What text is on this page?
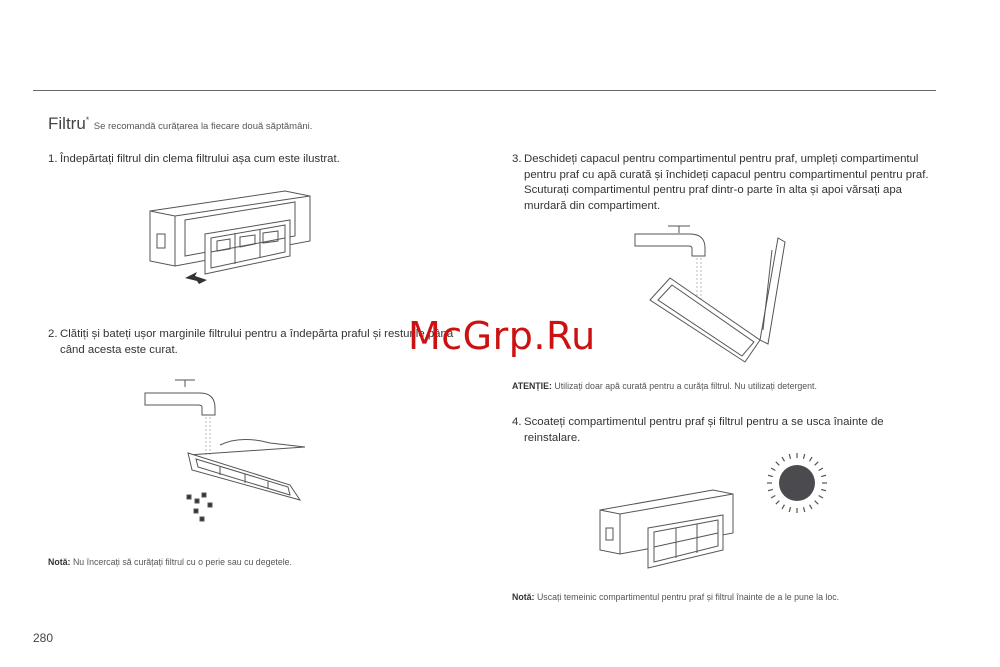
Filtru* Se recomandă curățarea la fiecare două săptămâni.
1. Îndepărtați filtrul din clema filtrului așa cum este ilustrat.
2. Clătiți și bateți ușor marginile filtrului pentru a îndepărta praful și resturile până când acesta este curat.
3. Deschideți capacul pentru compartimentul pentru praf, umpleți compartimentul pentru praf cu apă curată și închideți capacul pentru compartimentul pentru praf. Scuturați compartimentul pentru praf dintr-o parte în alta și apoi vărsați apa murdară din compartiment.
ATENȚIE: Utilizați doar apă curată pentru a curăța filtrul. Nu utilizați detergent.
4. Scoateți compartimentul pentru praf și filtrul pentru a se usca înainte de reinstalare.
Notă: Nu încercați să curățați filtrul cu o perie sau cu degetele.
Notă: Uscați temeinic compartimentul pentru praf și filtrul înainte de a le pune la loc.
McGrp.Ru
280
